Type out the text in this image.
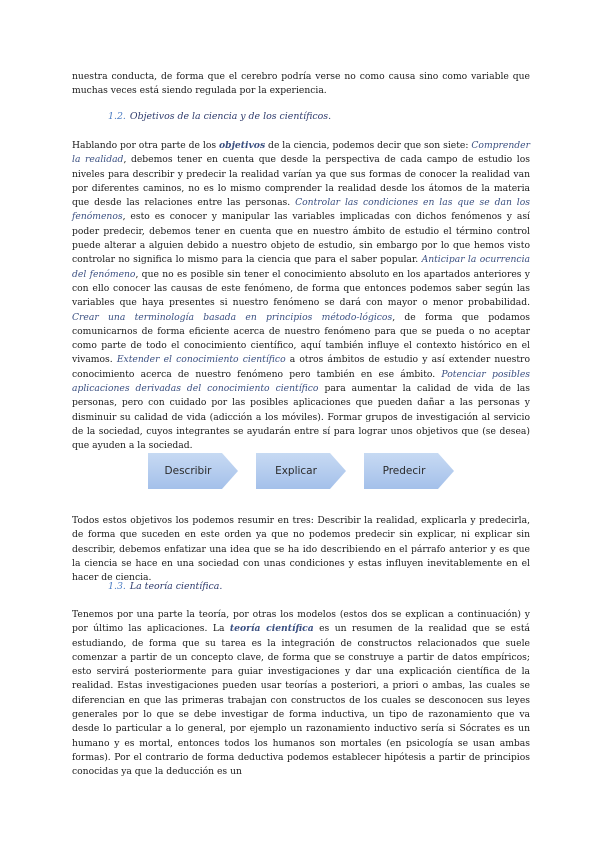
nuestra conducta, de forma que el cerebro podría verse no como causa sino como variable que muchas veces está siendo regulada por la experiencia.

1.2. Objetivos de la ciencia y de los científicos.

Hablando por otra parte de los objetivos de la ciencia, podemos decir que son siete: Comprender la realidad, debemos tener en cuenta que desde la perspectiva de cada campo de estudio los niveles para describir y predecir la realidad varían ya que sus formas de conocer la realidad van por diferentes caminos, no es lo mismo comprender la realidad desde los átomos de la materia que desde las relaciones entre las personas. Controlar las condiciones en las que se dan los fenómenos, esto es conocer y manipular las variables implicadas con dichos fenómenos y así poder predecir, debemos tener en cuenta que en nuestro ámbito de estudio el término control puede alterar a alguien debido a nuestro objeto de estudio, sin embargo por lo que hemos visto controlar no significa lo mismo para la ciencia que para el saber popular. Anticipar la ocurrencia del fenómeno, que no es posible sin tener el conocimiento absoluto en los apartados anteriores y con ello conocer las causas de este fenómeno, de forma que entonces podemos saber según las variables que haya presentes si nuestro fenómeno se dará con mayor o menor probabilidad. Crear una terminología basada en principios método-lógicos, de forma que podamos comunicarnos de forma eficiente acerca de nuestro fenómeno para que se pueda o no aceptar como parte de todo el conocimiento científico, aquí también influye el contexto histórico en el vivamos. Extender el conocimiento científico a otros ámbitos de estudio y así extender nuestro conocimiento acerca de nuestro fenómeno pero también en ese ámbito. Potenciar posibles aplicaciones derivadas del conocimiento científico para aumentar la calidad de vida de las personas, pero con cuidado por las posibles aplicaciones que pueden dañar a las personas y disminuir su calidad de vida (adicción a los móviles). Formar grupos de investigación al servicio de la sociedad, cuyos integrantes se ayudarán entre sí para lograr unos objetivos que (se desea) que ayuden a la sociedad.

Describir	Explicar	Predecir

Todos estos objetivos los podemos resumir en tres: Describir la realidad, explicarla y predecirla, de forma que suceden en este orden ya que no podemos predecir sin explicar, ni explicar sin describir, debemos enfatizar una idea que se ha ido describiendo en el párrafo anterior y es que la ciencia se hace en una sociedad con unas condiciones y estas influyen inevitablemente en el hacer de ciencia.

1.3. La teoría científica.

Tenemos por una parte la teoría, por otras los modelos (estos dos se explican a continuación) y por último las aplicaciones. La teoría científica es un resumen de la realidad que se está estudiando, de forma que su tarea es la integración de constructos relacionados que suele comenzar a partir de un concepto clave, de forma que se construye a partir de datos empíricos; esto servirá posteriormente para guiar investigaciones y dar una explicación científica de la realidad. Estas investigaciones pueden usar teorías a posteriori, a priori o ambas, las cuales se diferencian en que las primeras trabajan con constructos de los cuales se desconocen sus leyes generales por lo que se debe investigar de forma inductiva, un tipo de razonamiento que va desde lo particular a lo general, por ejemplo un razonamiento inductivo sería si Sócrates es un humano y es mortal, entonces todos los humanos son mortales (en psicología se usan ambas formas). Por el contrario de forma deductiva podemos establecer hipótesis a partir de principios conocidas ya que la deducción es un
